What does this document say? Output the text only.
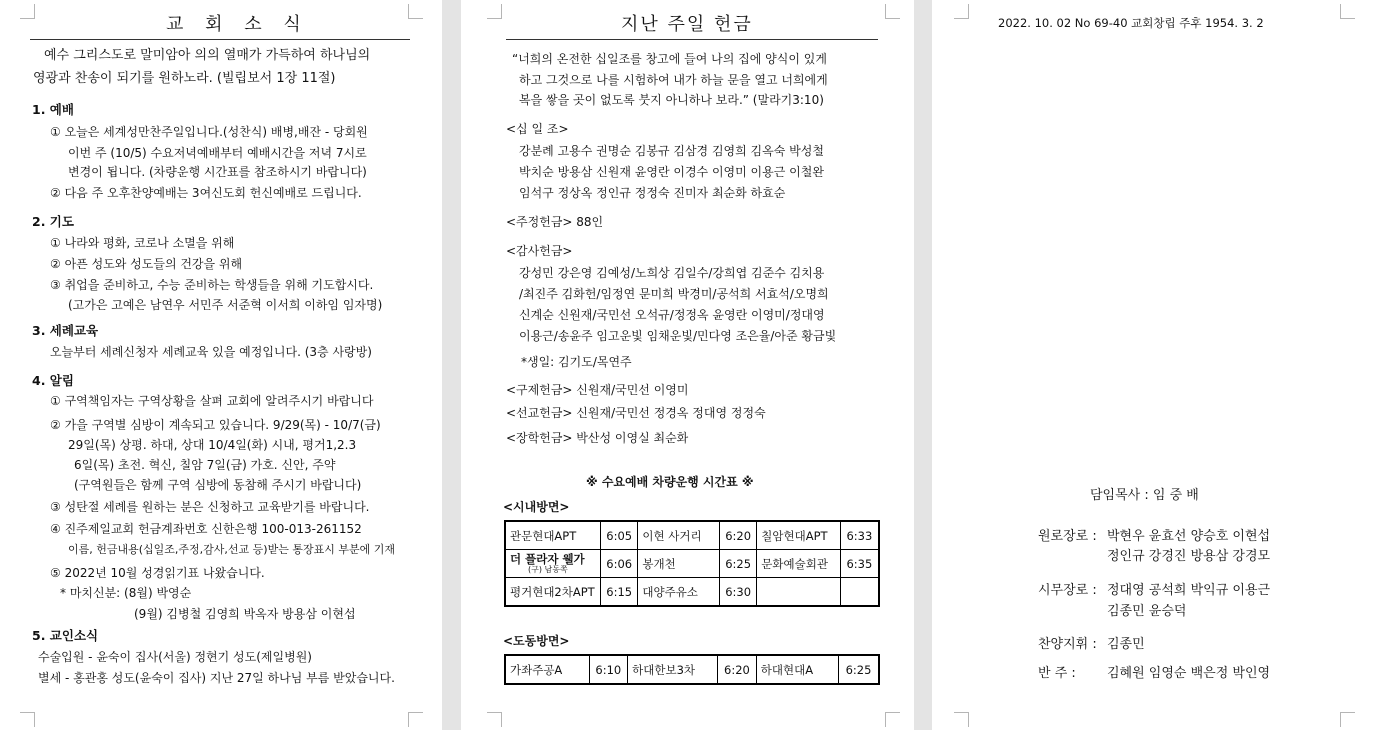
교 회 소 식
예수 그리스도로 말미암아 의의 열매가 가득하여 하나님의
영광과 찬송이 되기를 원하노라. (빌립보서 1장 11절)
1. 예배
① 오늘은 세계성만찬주일입니다.(성찬식) 배병,배잔 - 당회원
이번 주 (10/5) 수요저녁예배부터 예배시간을 저녁 7시로
변경이 됩니다. (차량운행 시간표를 참조하시기 바랍니다)
② 다음 주 오후찬양예배는 3여신도회 헌신예배로 드립니다.
2. 기도
① 나라와 평화, 코로나 소멸을 위해
② 아픈 성도와 성도들의 건강을 위해
③ 취업을 준비하고, 수능 준비하는 학생들을 위해 기도합시다.
(고가은 고예은 남연우 서민주 서준혁 이서희 이하임 임자명)
3. 세례교육
오늘부터 세례신청자 세례교육 있을 예정입니다. (3층 사랑방)
4. 알림
① 구역책임자는 구역상황을 살펴 교회에 알려주시기 바랍니다
② 가을 구역별 심방이 계속되고 있습니다. 9/29(목) - 10/7(금)
29일(목) 상평. 하대, 상대 10/4일(화) 시내, 평거1,2.3
6일(목) 초전. 혁신, 칠암 7일(금) 가호. 신안, 주약
(구역원들은 함께 구역 심방에 동참해 주시기 바랍니다)
③ 성탄절 세례를 원하는 분은 신청하고 교육받기를 바랍니다.
④ 진주제일교회 헌금계좌번호 신한은행 100-013-261152
이름, 헌금내용(십일조,주정,감사,선교 등)받는 통장표시 부분에 기재
⑤ 2022년 10월 성경읽기표 나왔습니다.
* 마치신분: (8월) 박영순
(9월) 김병철 김영희 박옥자 방용삼 이현섭
5. 교인소식
수술입원 - 윤숙이 집사(서울) 정현기 성도(제일병원)
별세 - 홍관홍 성도(윤숙이 집사) 지난 27일 하나님 부름 받았습니다.
지난 주일 헌금
“너희의 온전한 십일조를 창고에 들여 나의 집에 양식이 있게
하고 그것으로 나를 시험하여 내가 하늘 문을 열고 너희에게
복을 쌓을 곳이 없도록 붓지 아니하나 보라.” (말라기3:10)
<십 일 조>
강분례 고용수 권명순 김봉규 김삼경 김영희 김옥숙 박성철
박치순 방용삼 신원재 윤영란 이경수 이영미 이용근 이철완
임석구 정상옥 정인규 정정숙 진미자 최순화 하효순
<주정헌금> 88인
<감사헌금>
강성민 강은영 김예성/노희상 김일수/강희엽 김준수 김치용
/최진주 김화헌/임정연 문미희 박경미/공석희 서효석/오명희
신계순 신원재/국민선 오석규/정정옥 윤영란 이영미/정대영
이용근/송윤주 임고운빛 임채운빛/민다영 조은율/아준 황금빛
*생일: 김기도/목연주
<구제헌금> 신원재/국민선 이영미
<선교헌금> 신원재/국민선 정경옥 정대영 정정숙
<장학헌금> 박산성 이영실 최순화
※ 수요예배 차량운행 시간표 ※
<시내방면>
관문현대APT	6:05	이현 사거리	6:20	칠암현대APT	6:33

더 플라자 웰가
(구) 남동쪽	6:06	봉개천	6:25	문화예술회관	6:35
평거현대2차APT	6:15	대양주유소	6:30		
<도동방면>
가좌주공A	6:10	하대한보3차	6:20	하대현대A	6:25
2022. 10. 02 No 69-40 교회창립 주후 1954. 3. 2
담임목사 : 임 중 배
원로장로 : 박현우 윤효선 양승호 이현섭
정인규 강경진 방용삼 강경모
시무장로 : 정대영 공석희 박익규 이용근
김종민 윤승덕
찬양지휘 : 김종민
반 주 : 김혜원 임영순 백은정 박인영
